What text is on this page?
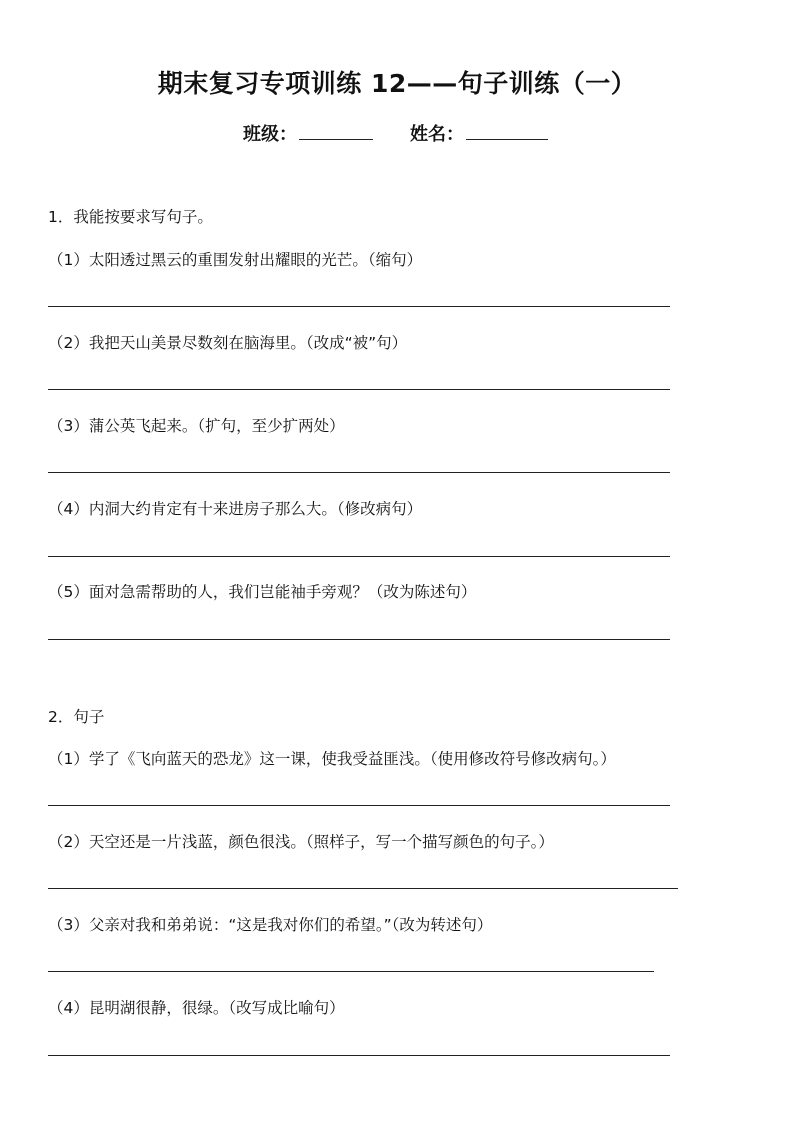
期末复习专项训练 12——句子训练（一）
班级：	姓名：
1．我能按要求写句子。
（1）太阳透过黑云的重围发射出耀眼的光芒。（缩句）
（2）我把天山美景尽数刻在脑海里。（改成“被”句）
（3）蒲公英飞起来。（扩句，至少扩两处）
（4）内洞大约肯定有十来进房子那么大。（修改病句）
（5）面对急需帮助的人，我们岂能袖手旁观？（改为陈述句）
2．句子
（1）学了《飞向蓝天的恐龙》这一课，使我受益匪浅。（使用修改符号修改病句。）
（2）天空还是一片浅蓝，颜色很浅。（照样子，写一个描写颜色的句子。）
（3）父亲对我和弟弟说：“这是我对你们的希望。”（改为转述句）
（4）昆明湖很静，很绿。（改写成比喻句）
